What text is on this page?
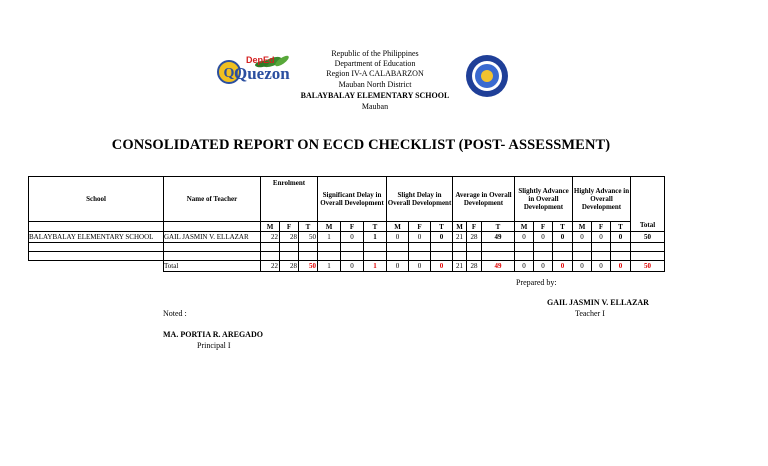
Q
DepEd
Quezon
Republic of the Philippines
Department of Education
Region IV-A CALABARZON
Mauban North District
BALAYBALAY ELEMENTARY SCHOOL
Mauban
CONSOLIDATED REPORT ON ECCD CHECKLIST (POST- ASSESSMENT)
School	Name of Teacher	Enrolment			Significant Delay in Overall Development			Slight Delay in Overall Development			Average in Overall Development			Slightly Advance in Overall Development			Highly Advance in Overall Development			Total
		M	F	T	M	F	T	M	F	T	M	F	T	M	F	T	M	F	T	
BALAYBALAY ELEMENTARY SCHOOL	GAIL JASMIN V. ELLAZAR	22	28	50	1	0	1	0	0	0	21	28	49	0	0	0	0	0	0	50

	Total	22	28	50	1	0	1	0	0	0	21	28	49	0	0	0	0	0	0	50
Prepared by:
GAIL JASMIN V. ELLAZAR
Teacher I
Noted :
MA. PORTIA R. AREGADO
Principal I
